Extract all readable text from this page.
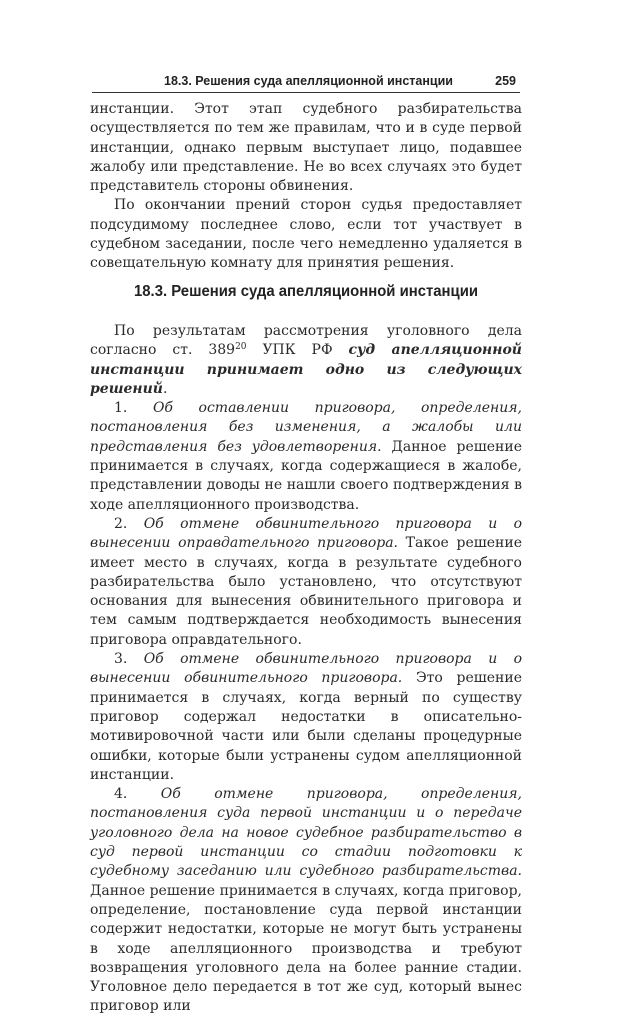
18.3. Решения суда апелляционной инстанции	259

инстанции. Этот этап судебного разбирательства осуществляется по тем же правилам, что и в суде первой инстанции, однако первым выступает лицо, подавшее жалобу или представление. Не во всех случаях это будет представитель стороны обвинения.

По окончании прений сторон судья предоставляет подсудимому последнее слово, если тот участвует в судебном заседании, после чего немедленно удаляется в совещательную комнату для принятия решения.

18.3. Решения суда апелляционной инстанции

По результатам рассмотрения уголовного дела согласно ст. $389^{20}$ УПК РФ суд апелляционной инстанции принимает одно из следующих решений.

1. Об оставлении приговора, определения, постановления без изменения, а жалобы или представления без удовлетворения. Данное решение принимается в случаях, когда содержащиеся в жалобе, представлении доводы не нашли своего подтверждения в ходе апелляционного производства.

2. Об отмене обвинительного приговора и о вынесении оправдательного приговора. Такое решение имеет место в случаях, когда в результате судебного разбирательства было установлено, что отсутствуют основания для вынесения обвинительного приговора и тем самым подтверждается необходимость вынесения приговора оправдательного.

3. Об отмене обвинительного приговора и о вынесении обвинительного приговора. Это решение принимается в случаях, когда верный по существу приговор содержал недостатки в описательно-мотивировочной части или были сделаны процедурные ошибки, которые были устранены судом апелляционной инстанции.

4. Об отмене приговора, определения, постановления суда первой инстанции и о передаче уголовного дела на новое судебное разбирательство в суд первой инстанции со стадии подготовки к судебному заседанию или судебного разбирательства. Данное решение принимается в случаях, когда приговор, определение, постановление суда первой инстанции содержит недостатки, которые не могут быть устранены в ходе апелляционного производства и требуют возвращения уголовного дела на более ранние стадии. Уголовное дело передается в тот же суд, который вынес приговор или
